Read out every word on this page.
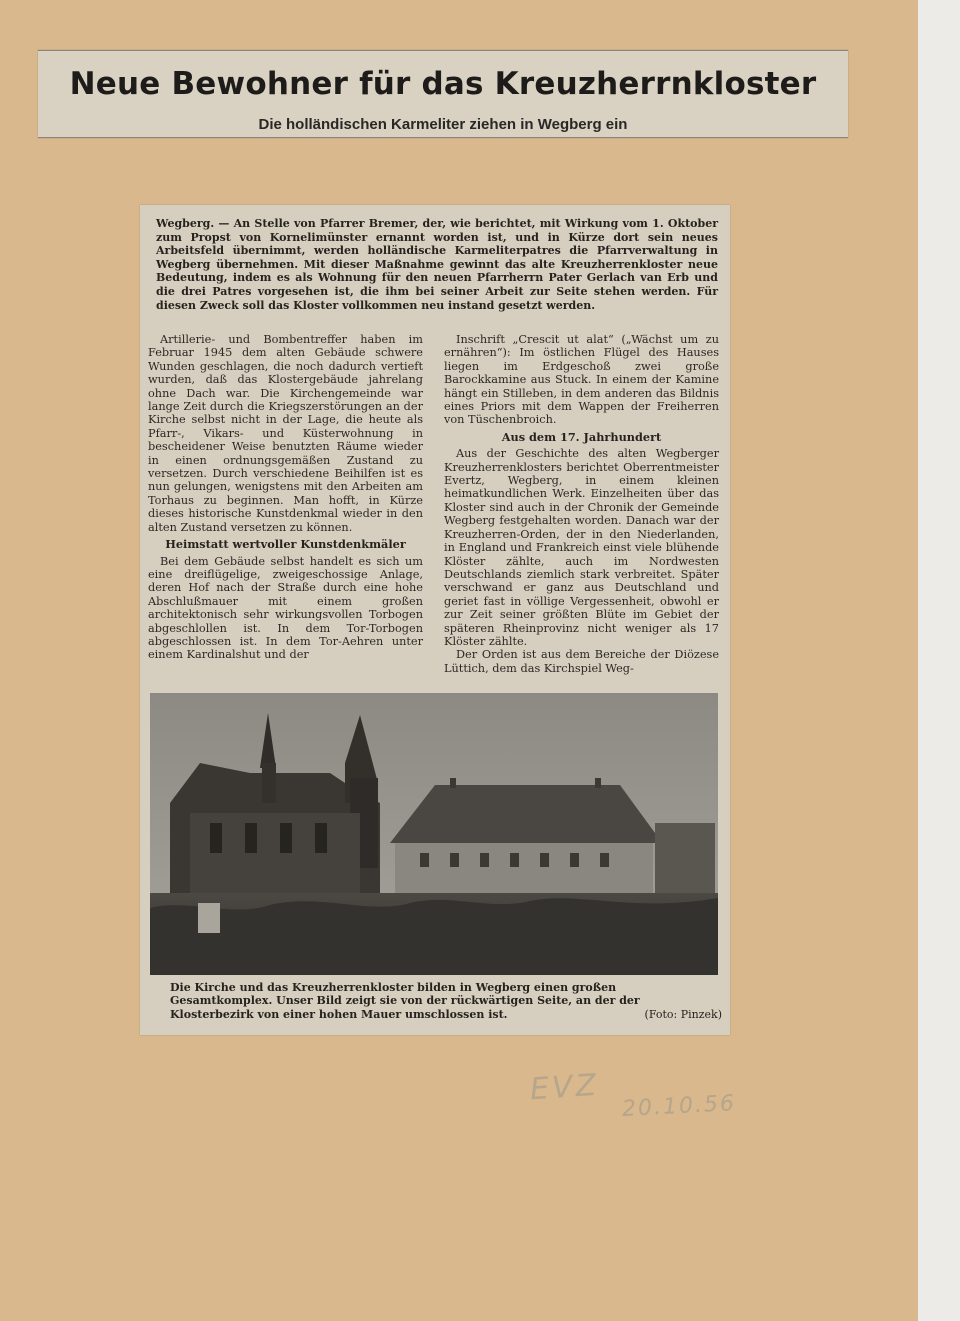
Neue Bewohner für das Kreuzherrnkloster
Die holländischen Karmeliter ziehen in Wegberg ein

Wegberg. — An Stelle von Pfarrer Bremer, der, wie berichtet, mit Wirkung vom 1. Oktober zum Propst von Kornelimünster ernannt worden ist, und in Kürze dort sein neues Arbeitsfeld übernimmt, werden holländische Karmeliterpatres die Pfarrverwaltung in Wegberg übernehmen. Mit dieser Maßnahme gewinnt das alte Kreuzherrenkloster neue Bedeutung, indem es als Wohnung für den neuen Pfarrherrn Pater Gerlach van Erb und die drei Patres vorgesehen ist, die ihm bei seiner Arbeit zur Seite stehen werden. Für diesen Zweck soll das Kloster vollkommen neu instand gesetzt werden.

Artillerie- und Bombentreffer haben im Februar 1945 dem alten Gebäude schwere Wunden geschlagen, die noch dadurch vertieft wurden, daß das Klostergebäude jahrelang ohne Dach war. Die Kirchengemeinde war lange Zeit durch die Kriegszerstörungen an der Kirche selbst nicht in der Lage, die heute als Pfarr-, Vikars- und Küsterwohnung in bescheidener Weise benutzten Räume wieder in einen ordnungsgemäßen Zustand zu versetzen. Durch verschiedene Beihilfen ist es nun gelungen, wenigstens mit den Arbeiten am Torhaus zu beginnen. Man hofft, in Kürze dieses historische Kunstdenkmal wieder in den alten Zustand versetzen zu können.

Heimstatt wertvoller Kunstdenkmäler

Bei dem Gebäude selbst handelt es sich um eine dreiflügelige, zweigeschossige Anlage, deren Hof nach der Straße durch eine hohe Abschlußmauer mit einem großen architektonisch sehr wirkungsvollen Torbogen abgeschlollen ist. In dem Tor-Torbogen abgeschlossen ist. In dem Tor-Aehren unter einem Kardinalshut und der

Inschrift „Crescit ut alat“ („Wächst um zu ernähren“): Im östlichen Flügel des Hauses liegen im Erdgeschoß zwei große Barockkamine aus Stuck. In einem der Kamine hängt ein Stilleben, in dem anderen das Bildnis eines Priors mit dem Wappen der Freiherren von Tüschenbroich.

Aus dem 17. Jahrhundert

Aus der Geschichte des alten Wegberger Kreuzherrenklosters berichtet Oberrentmeister Evertz, Wegberg, in einem kleinen heimatkundlichen Werk. Einzelheiten über das Kloster sind auch in der Chronik der Gemeinde Wegberg festgehalten worden. Danach war der Kreuzherren-Orden, der in den Niederlanden, in England und Frankreich einst viele blühende Klöster zählte, auch im Nordwesten Deutschlands ziemlich stark verbreitet. Später verschwand er ganz aus Deutschland und geriet fast in völlige Vergessenheit, obwohl er zur Zeit seiner größten Blüte im Gebiet der späteren Rheinprovinz nicht weniger als 17 Klöster zählte.

Der Orden ist aus dem Bereiche der Diözese Lüttich, dem das Kirchspiel Weg-

Die Kirche und das Kreuzherrenkloster bilden in Wegberg einen großen Gesamtkomplex. Unser Bild zeigt sie von der rückwärtigen Seite, an der der Klosterbezirk von einer hohen Mauer umschlossen ist.	(Foto: Pinzek)
EVZ 20.10.56
